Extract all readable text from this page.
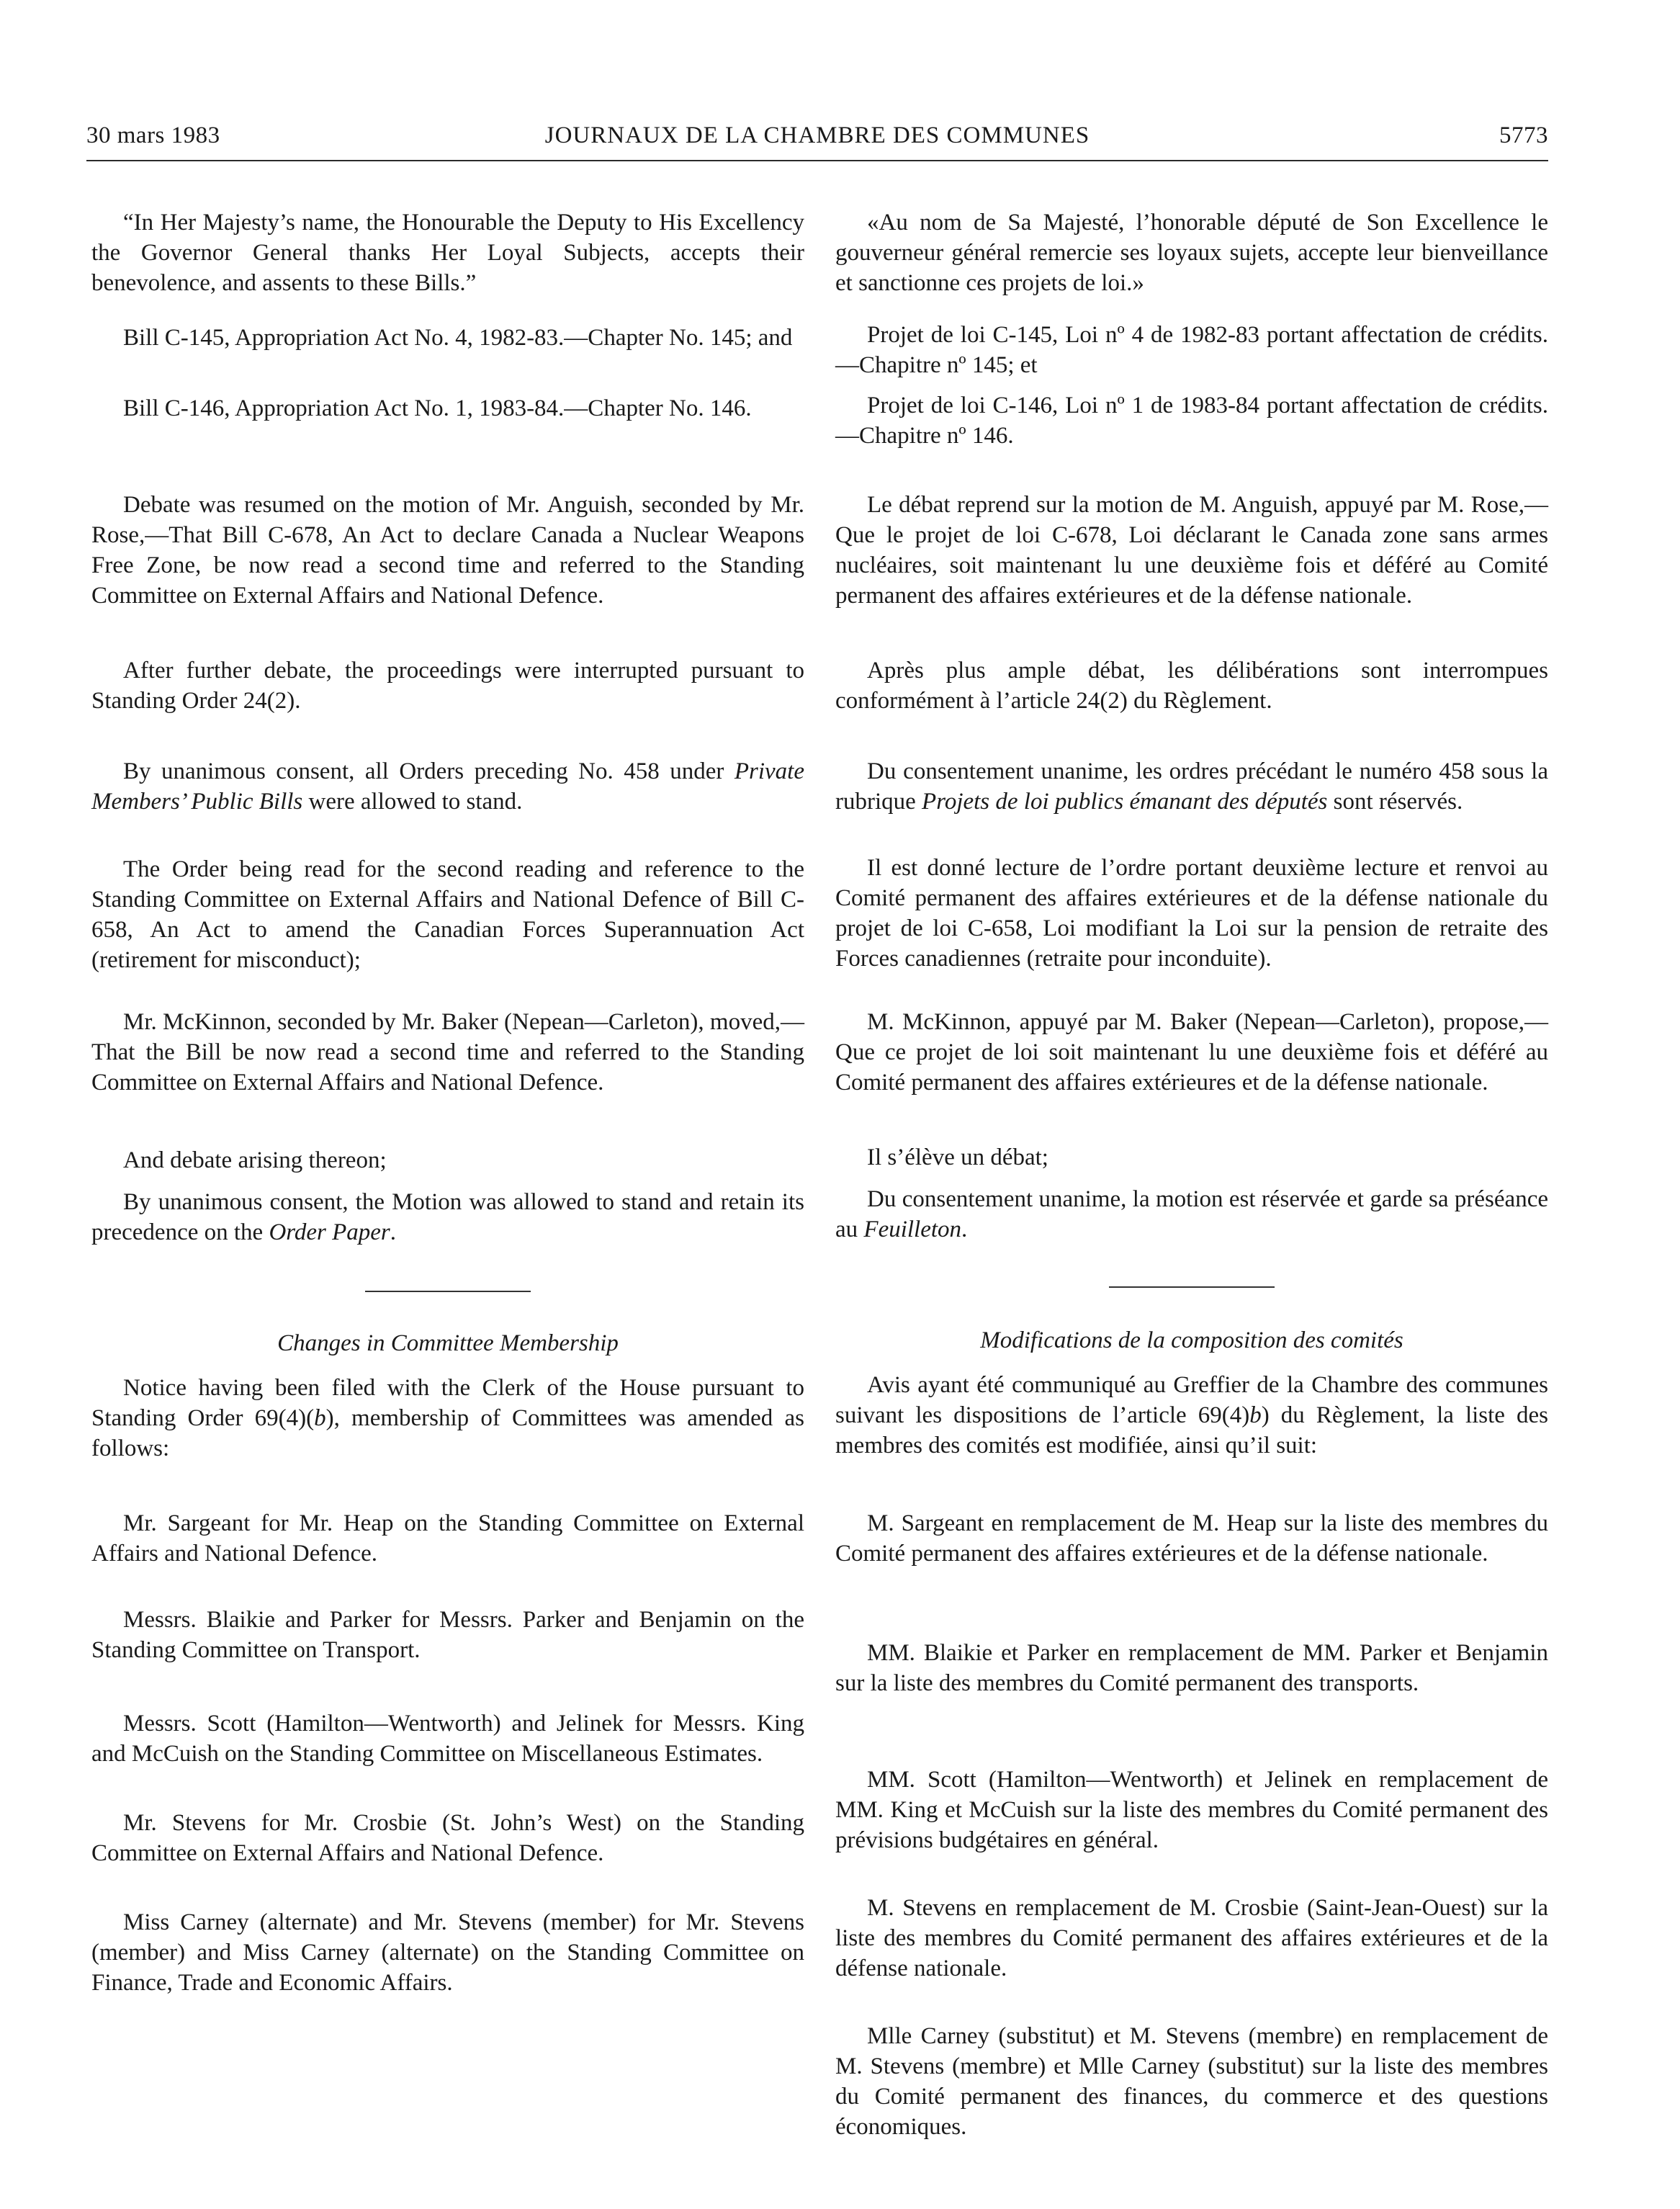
30 mars 1983	JOURNAUX DE LA CHAMBRE DES COMMUNES	5773

“In Her Majesty’s name, the Honourable the Deputy to His Excellency the Governor General thanks Her Loyal Subjects, accepts their benevolence, and assents to these Bills.”

Bill C-145, Appropriation Act No. 4, 1982-83.—Chapter No. 145; and

Bill C-146, Appropriation Act No. 1, 1983-84.—Chapter No. 146.

Debate was resumed on the motion of Mr. Anguish, seconded by Mr. Rose,—That Bill C-678, An Act to declare Canada a Nuclear Weapons Free Zone, be now read a second time and referred to the Standing Committee on External Affairs and National Defence.

After further debate, the proceedings were interrupted pursuant to Standing Order 24(2).

By unanimous consent, all Orders preceding No. 458 under Private Members’ Public Bills were allowed to stand.

The Order being read for the second reading and reference to the Standing Committee on External Affairs and National Defence of Bill C-658, An Act to amend the Canadian Forces Superannuation Act (retirement for misconduct);

Mr. McKinnon, seconded by Mr. Baker (Nepean—Carleton), moved,—That the Bill be now read a second time and referred to the Standing Committee on External Affairs and National Defence.

And debate arising thereon;

By unanimous consent, the Motion was allowed to stand and retain its precedence on the Order Paper.

Changes in Committee Membership

Notice having been filed with the Clerk of the House pursuant to Standing Order 69(4)(b), membership of Committees was amended as follows:

Mr. Sargeant for Mr. Heap on the Standing Committee on External Affairs and National Defence.

Messrs. Blaikie and Parker for Messrs. Parker and Benjamin on the Standing Committee on Transport.

Messrs. Scott (Hamilton—Wentworth) and Jelinek for Messrs. King and McCuish on the Standing Committee on Miscellaneous Estimates.

Mr. Stevens for Mr. Crosbie (St. John’s West) on the Standing Committee on External Affairs and National Defence.

Miss Carney (alternate) and Mr. Stevens (member) for Mr. Stevens (member) and Miss Carney (alternate) on the Standing Committee on Finance, Trade and Economic Affairs.

«Au nom de Sa Majesté, l’honorable député de Son Excellence le gouverneur général remercie ses loyaux sujets, accepte leur bienveillance et sanctionne ces projets de loi.»

Projet de loi C-145, Loi nº 4 de 1982-83 portant affectation de crédits.—Chapitre nº 145; et

Projet de loi C-146, Loi nº 1 de 1983-84 portant affectation de crédits.—Chapitre nº 146.

Le débat reprend sur la motion de M. Anguish, appuyé par M. Rose,—Que le projet de loi C-678, Loi déclarant le Canada zone sans armes nucléaires, soit maintenant lu une deuxième fois et déféré au Comité permanent des affaires extérieures et de la défense nationale.

Après plus ample débat, les délibérations sont interrompues conformément à l’article 24(2) du Règlement.

Du consentement unanime, les ordres précédant le numéro 458 sous la rubrique Projets de loi publics émanant des députés sont réservés.

Il est donné lecture de l’ordre portant deuxième lecture et renvoi au Comité permanent des affaires extérieures et de la défense nationale du projet de loi C-658, Loi modifiant la Loi sur la pension de retraite des Forces canadiennes (retraite pour inconduite).

M. McKinnon, appuyé par M. Baker (Nepean—Carleton), propose,—Que ce projet de loi soit maintenant lu une deuxième fois et déféré au Comité permanent des affaires extérieures et de la défense nationale.

Il s’élève un débat;

Du consentement unanime, la motion est réservée et garde sa préséance au Feuilleton.

Modifications de la composition des comités

Avis ayant été communiqué au Greffier de la Chambre des communes suivant les dispositions de l’article 69(4)b) du Règlement, la liste des membres des comités est modifiée, ainsi qu’il suit:

M. Sargeant en remplacement de M. Heap sur la liste des membres du Comité permanent des affaires extérieures et de la défense nationale.

MM. Blaikie et Parker en remplacement de MM. Parker et Benjamin sur la liste des membres du Comité permanent des transports.

MM. Scott (Hamilton—Wentworth) et Jelinek en remplacement de MM. King et McCuish sur la liste des membres du Comité permanent des prévisions budgétaires en général.

M. Stevens en remplacement de M. Crosbie (Saint-Jean-Ouest) sur la liste des membres du Comité permanent des affaires extérieures et de la défense nationale.

Mlle Carney (substitut) et M. Stevens (membre) en remplacement de M. Stevens (membre) et Mlle Carney (substitut) sur la liste des membres du Comité permanent des finances, du commerce et des questions économiques.
